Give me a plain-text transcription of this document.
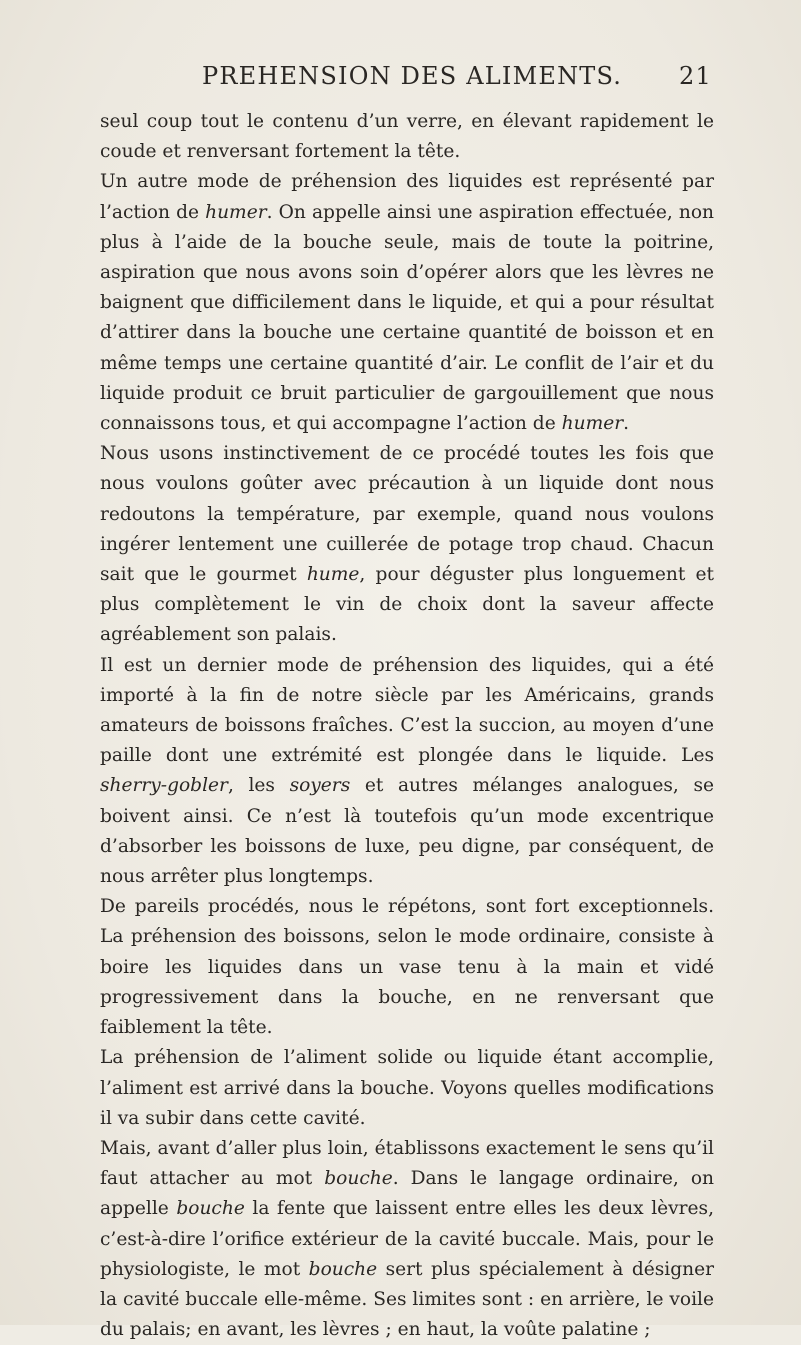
PREHENSION DES ALIMENTS. 21

seul coup tout le contenu d’un verre, en élevant rapidement le coude et renversant fortement la tête.

Un autre mode de préhension des liquides est représenté par l’action de humer. On appelle ainsi une aspiration effectuée, non plus à l’aide de la bouche seule, mais de toute la poitrine, aspiration que nous avons soin d’opérer alors que les lèvres ne baignent que difficilement dans le liquide, et qui a pour résultat d’attirer dans la bouche une certaine quantité de boisson et en même temps une certaine quantité d’air. Le conflit de l’air et du liquide produit ce bruit particulier de gargouillement que nous connaissons tous, et qui accompagne l’action de humer.

Nous usons instinctivement de ce procédé toutes les fois que nous voulons goûter avec précaution à un liquide dont nous redoutons la température, par exemple, quand nous voulons ingérer lentement une cuillerée de potage trop chaud. Chacun sait que le gourmet hume, pour déguster plus longuement et plus complètement le vin de choix dont la saveur affecte agréablement son palais.

Il est un dernier mode de préhension des liquides, qui a été importé à la fin de notre siècle par les Américains, grands amateurs de boissons fraîches. C’est la succion, au moyen d’une paille dont une extrémité est plongée dans le liquide. Les sherry-gobler, les soyers et autres mélanges analogues, se boivent ainsi. Ce n’est là toutefois qu’un mode excentrique d’absorber les boissons de luxe, peu digne, par conséquent, de nous arrêter plus longtemps.

De pareils procédés, nous le répétons, sont fort exceptionnels. La préhension des boissons, selon le mode ordinaire, consiste à boire les liquides dans un vase tenu à la main et vidé progressivement dans la bouche, en ne renversant que faiblement la tête.

La préhension de l’aliment solide ou liquide étant accomplie, l’aliment est arrivé dans la bouche. Voyons quelles modifications il va subir dans cette cavité.

Mais, avant d’aller plus loin, établissons exactement le sens qu’il faut attacher au mot bouche. Dans le langage ordinaire, on appelle bouche la fente que laissent entre elles les deux lèvres, c’est-à-dire l’orifice extérieur de la cavité buccale. Mais, pour le physiologiste, le mot bouche sert plus spécialement à désigner la cavité buccale elle-même. Ses limites sont : en arrière, le voile du palais; en avant, les lèvres ; en haut, la voûte palatine ;
